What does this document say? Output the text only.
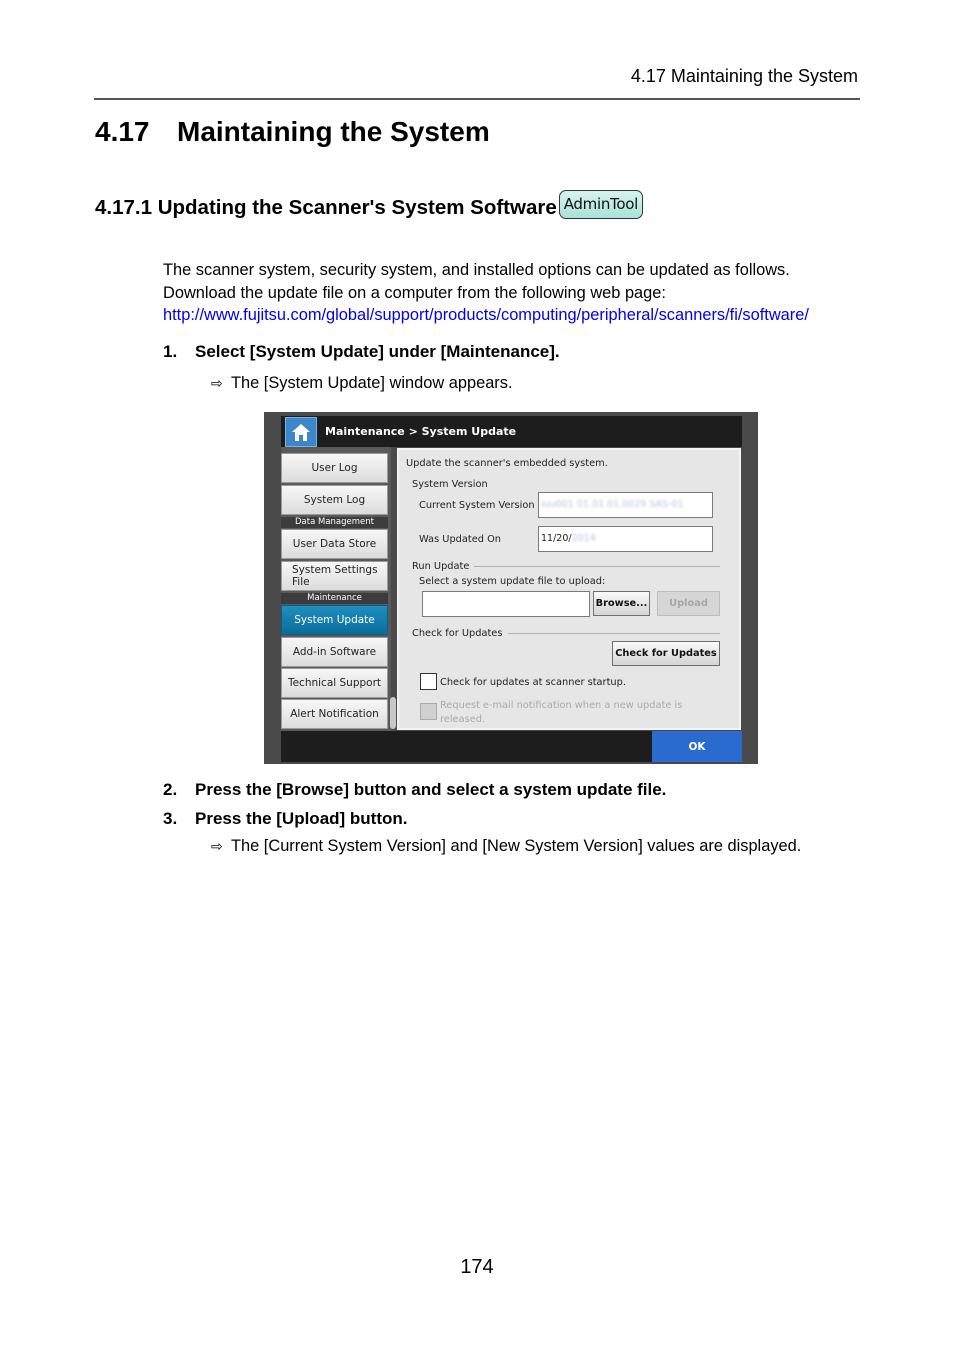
4.17 Maintaining the System
4.17 Maintaining the System
4.17.1 Updating the Scanner's System Software AdminTool
The scanner system, security system, and installed options can be updated as follows.
Download the update file on a computer from the following web page:
http://www.fujitsu.com/global/support/products/computing/peripheral/scanners/fi/software/
1. Select [System Update] under [Maintenance].
⇨ The [System Update] window appears.
Maintenance > System Update
User Log
System Log
Data Management
User Data Store
System Settings File
Maintenance
System Update
Add-in Software
Technical Support
Alert Notification
Update the scanner's embedded system.
System Version
Current System Version iuu001 01.01.01.0029 SAS-01
Was Updated On	11/20/2014
Run Update
Select a system update file to upload:
Browse...	Upload
Check for Updates
Check for Updates
Check for updates at scanner startup.
Request e-mail notification when a new update is
released.
OK
2. Press the [Browse] button and select a system update file.
3. Press the [Upload] button.
⇨ The [Current System Version] and [New System Version] values are displayed.
174
